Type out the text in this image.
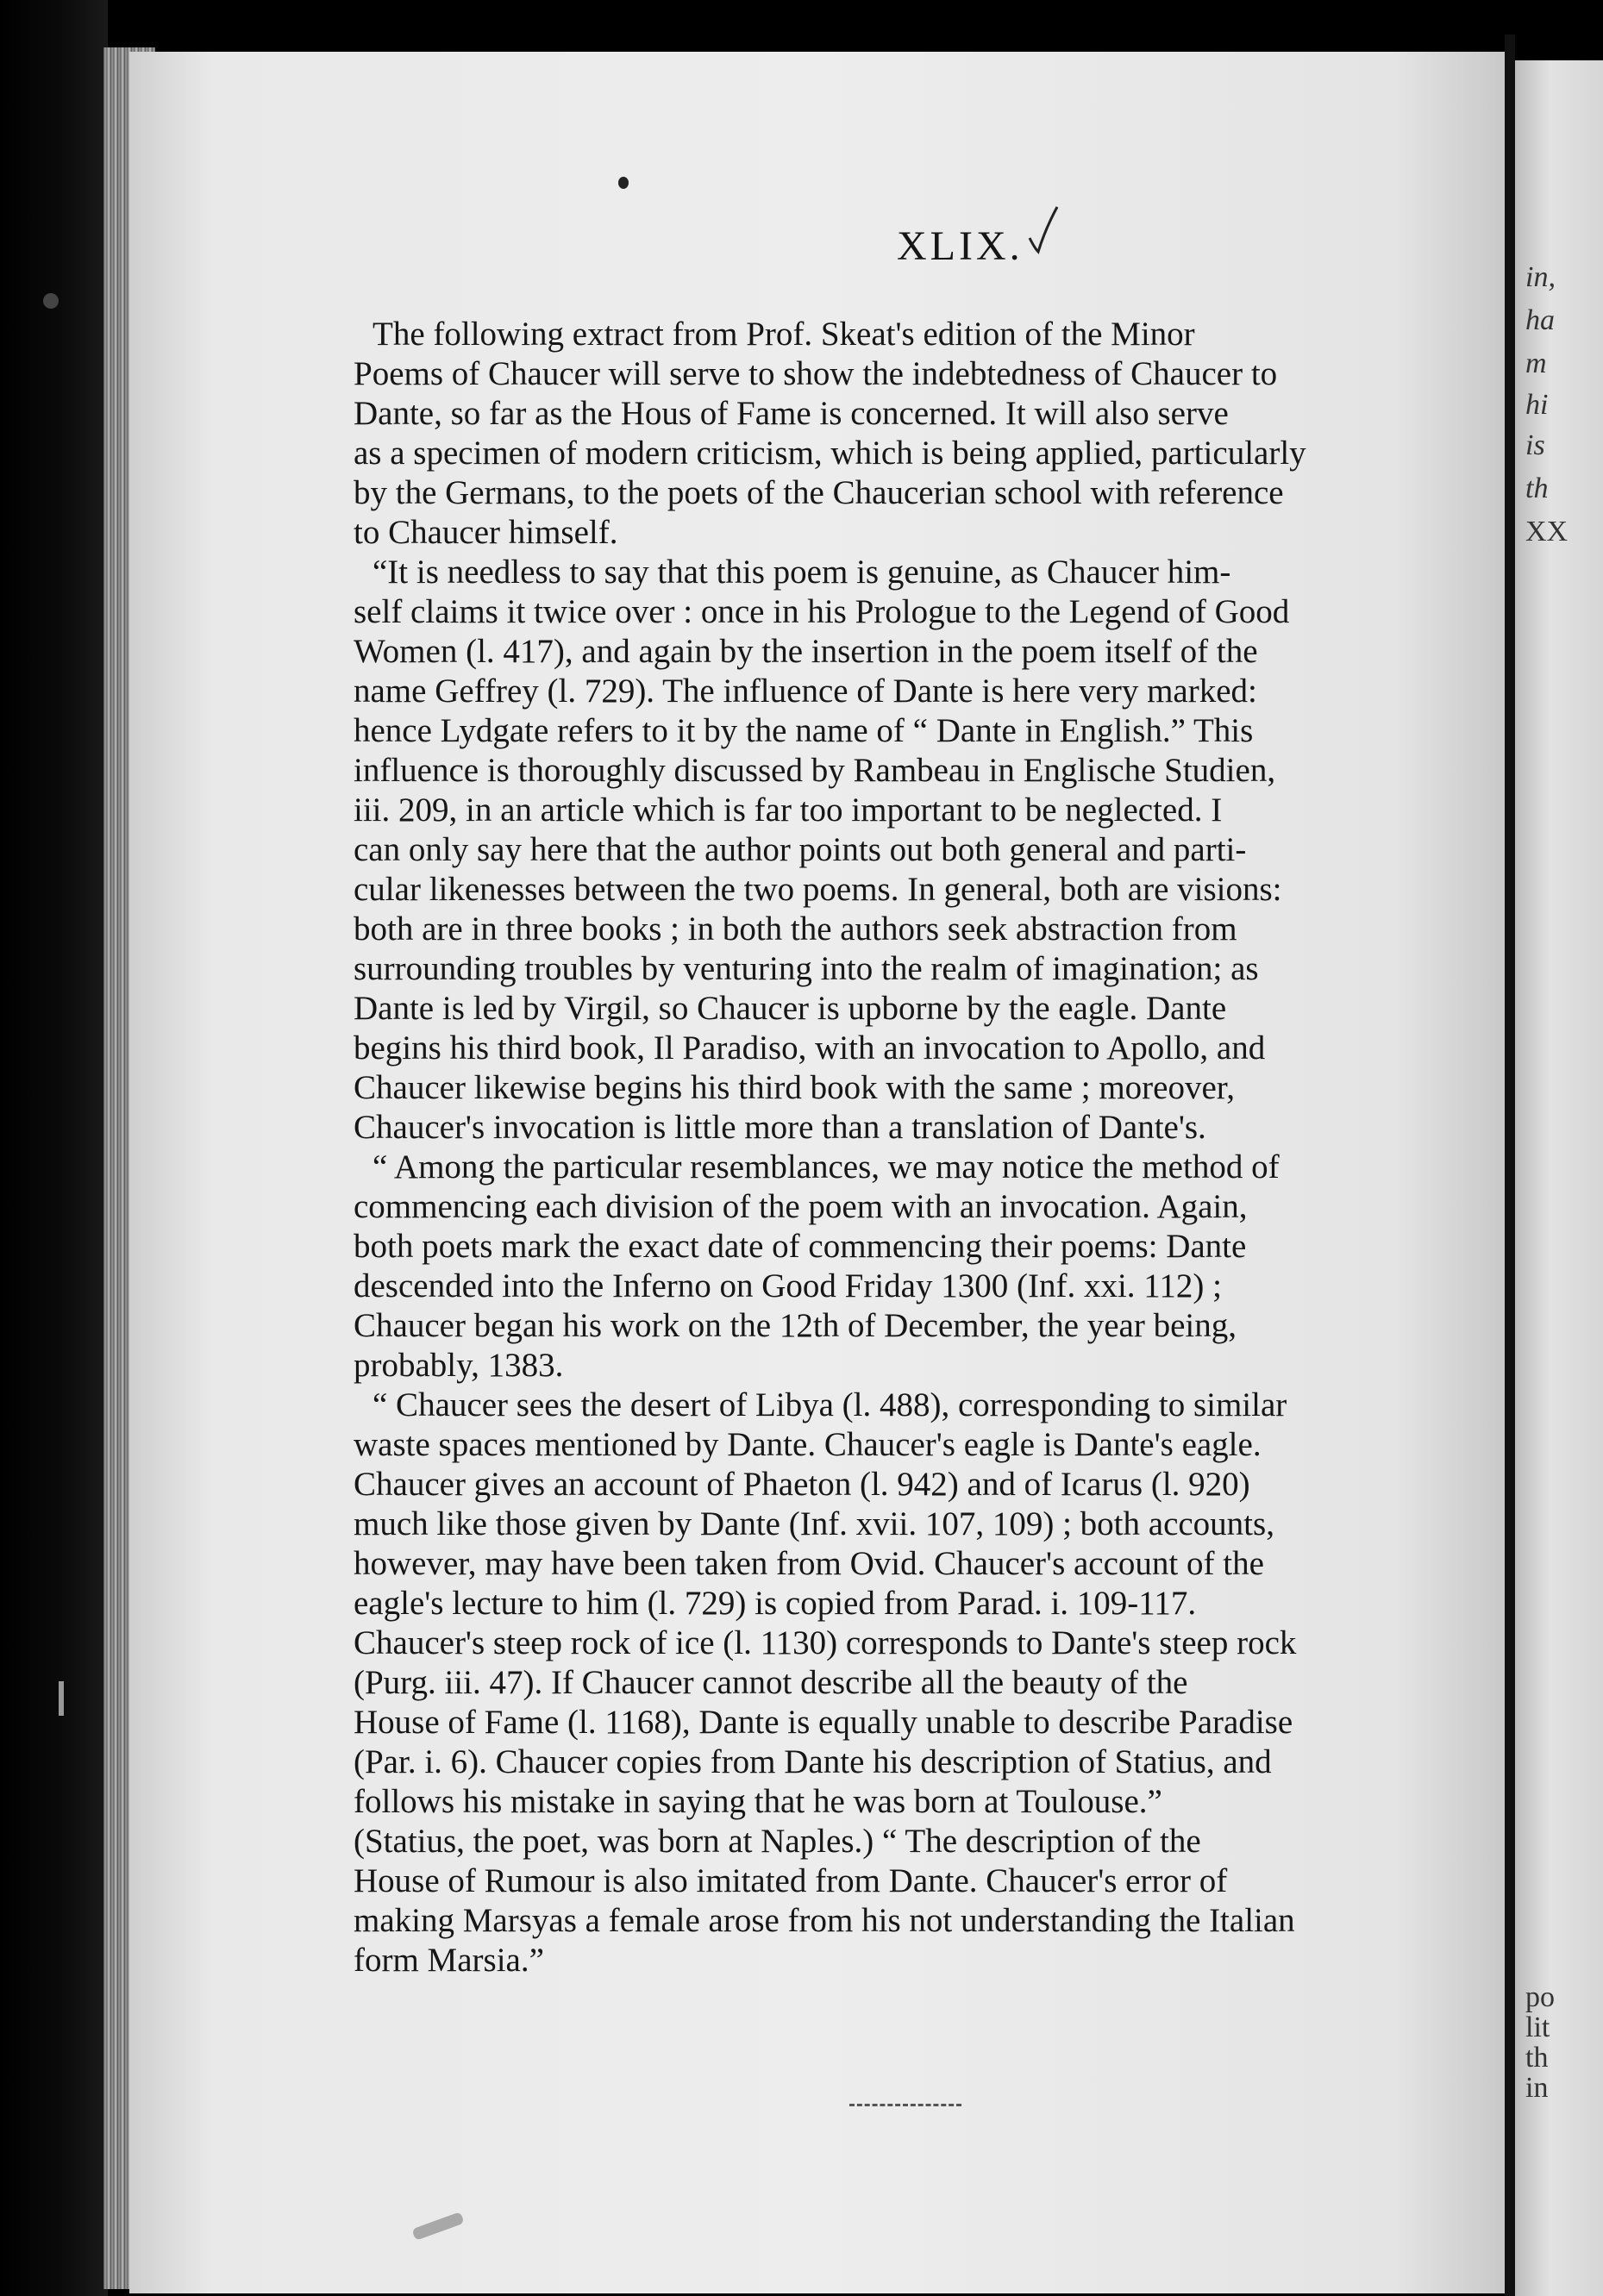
XLIX.
The following extract from Prof. Skeat's edition of the Minor
Poems of Chaucer will serve to show the indebtedness of Chaucer to
Dante, so far as the Hous of Fame is concerned. It will also serve
as a specimen of modern criticism, which is being applied, particularly
by the Germans, to the poets of the Chaucerian school with reference
to Chaucer himself.
“It is needless to say that this poem is genuine, as Chaucer him-
self claims it twice over : once in his Prologue to the Legend of Good
Women (l. 417), and again by the insertion in the poem itself of the
name Geffrey (l. 729). The influence of Dante is here very marked:
hence Lydgate refers to it by the name of “ Dante in English.” This
influence is thoroughly discussed by Rambeau in Englische Studien,
iii. 209, in an article which is far too important to be neglected. I
can only say here that the author points out both general and parti-
cular likenesses between the two poems. In general, both are visions:
both are in three books ; in both the authors seek abstraction from
surrounding troubles by venturing into the realm of imagination; as
Dante is led by Virgil, so Chaucer is upborne by the eagle. Dante
begins his third book, Il Paradiso, with an invocation to Apollo, and
Chaucer likewise begins his third book with the same ; moreover,
Chaucer's invocation is little more than a translation of Dante's.
“ Among the particular resemblances, we may notice the method of
commencing each division of the poem with an invocation. Again,
both poets mark the exact date of commencing their poems: Dante
descended into the Inferno on Good Friday 1300 (Inf. xxi. 112) ;
Chaucer began his work on the 12th of December, the year being,
probably, 1383.
“ Chaucer sees the desert of Libya (l. 488), corresponding to similar
waste spaces mentioned by Dante. Chaucer's eagle is Dante's eagle.
Chaucer gives an account of Phaeton (l. 942) and of Icarus (l. 920)
much like those given by Dante (Inf. xvii. 107, 109) ; both accounts,
however, may have been taken from Ovid. Chaucer's account of the
eagle's lecture to him (l. 729) is copied from Parad. i. 109-117.
Chaucer's steep rock of ice (l. 1130) corresponds to Dante's steep rock
(Purg. iii. 47). If Chaucer cannot describe all the beauty of the
House of Fame (l. 1168), Dante is equally unable to describe Paradise
(Par. i. 6). Chaucer copies from Dante his description of Statius, and
follows his mistake in saying that he was born at Toulouse.”
(Statius, the poet, was born at Naples.) “ The description of the
House of Rumour is also imitated from Dante. Chaucer's error of
making Marsyas a female arose from his not understanding the Italian
form Marsia.”
in,
ha
m
hi
is
th
XX
po
lit
th
in
